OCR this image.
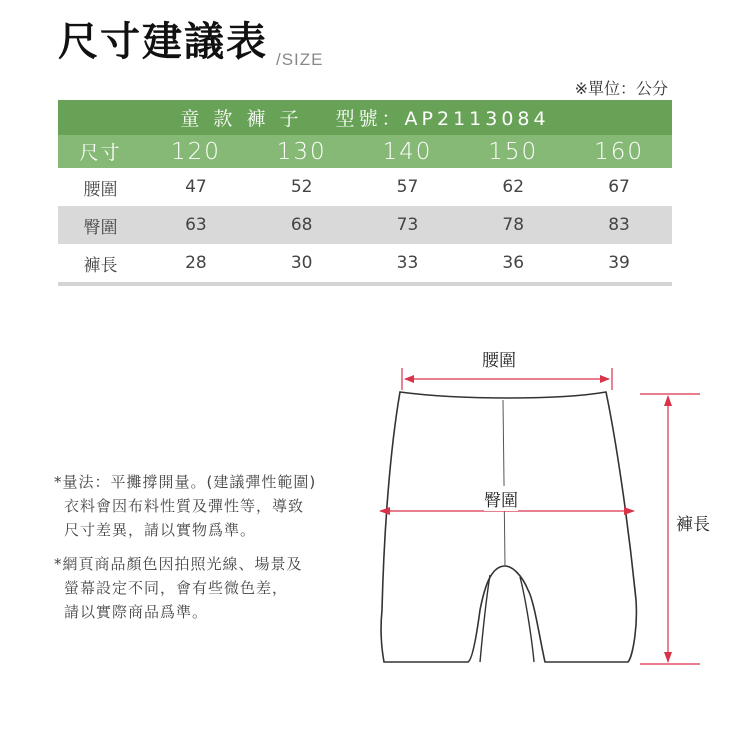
尺寸建議表 /SIZE
※單位：公分
童 款 褲 子　 型號：AP2113084					
尺寸	120	130	140	150	160
腰圍	47	52	57	62	67
臀圍	63	68	73	78	83
褲長	28	30	33	36	39
*量法：平攤撐開量。(建議彈性範圍)
衣料會因布料性質及彈性等，導致
尺寸差異，請以實物爲準。
*網頁商品顏色因拍照光線、場景及
螢幕設定不同，會有些微色差，
請以實際商品爲準。
腰圍
臀圍
褲長
